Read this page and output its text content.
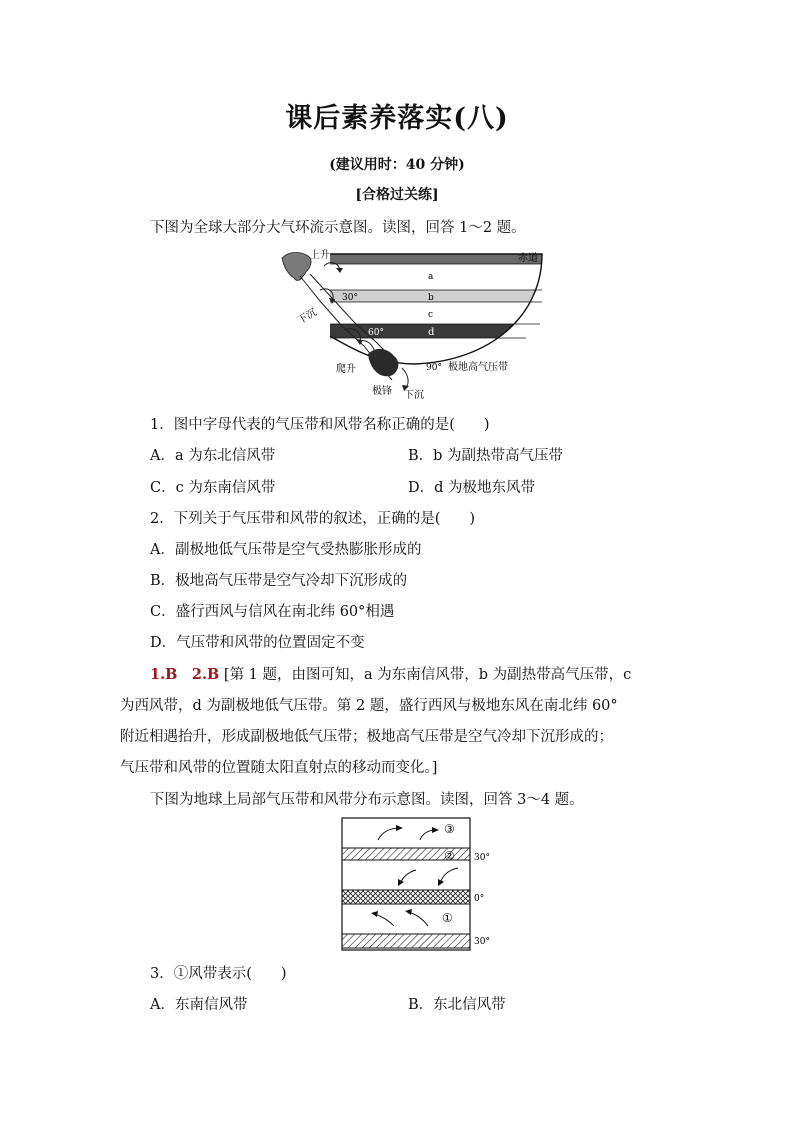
课后素养落实(八)
(建议用时：40 分钟)
[合格过关练]
下图为全球大部分大气环流示意图。读图，回答 1～2 题。
上升	赤道
a
b
c
d
30°
60°
90° 极地高气压带
下沉
爬升
极锋 下沉
1．图中字母代表的气压带和风带名称正确的是(　　)
A．a 为东北信风带	B．b 为副热带高气压带
C．c 为东南信风带	D．d 为极地东风带
2．下列关于气压带和风带的叙述，正确的是(　　)
A．副极地低气压带是空气受热膨胀形成的
B．极地高气压带是空气冷却下沉形成的
C．盛行西风与信风在南北纬 60°相遇
D．气压带和风带的位置固定不变
1.B　2.B [第 1 题，由图可知，a 为东南信风带，b 为副热带高气压带，c
为西风带，d 为副极地低气压带。第 2 题，盛行西风与极地东风在南北纬 60°
附近相遇抬升，形成副极地低气压带；极地高气压带是空气冷却下沉形成的；
气压带和风带的位置随太阳直射点的移动而变化。]
下图为地球上局部气压带和风带分布示意图。读图，回答 3～4 题。
③
②
①
30°
0°
30°
3．①风带表示(　　)
A．东南信风带	B．东北信风带
